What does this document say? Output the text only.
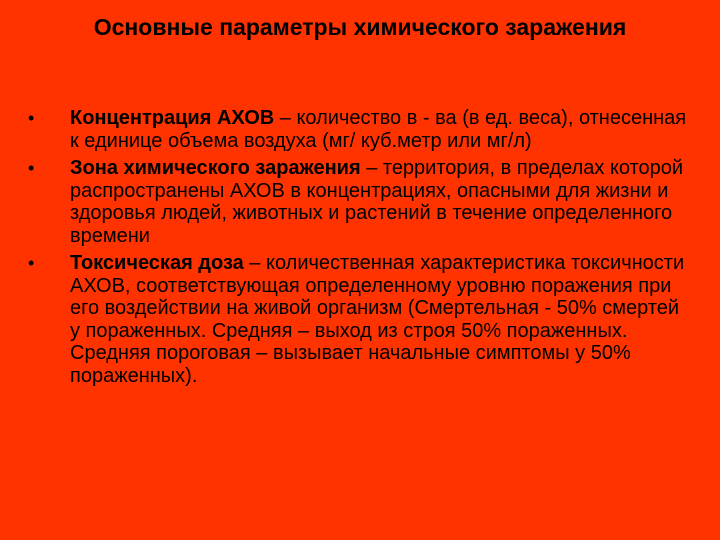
Основные параметры химического заражения
• Концентрация АХОВ – количество в - ва (в ед. веса), отнесенная к единице объема воздуха (мг/ куб.метр или мг/л)
• Зона химического заражения – территория, в пределах которой распространены АХОВ в концентрациях, опасными для жизни и здоровья людей, животных и растений в течение определенного времени
• Токсическая доза – количественная характеристика токсичности АХОВ, соответствующая определенному уровню поражения при его воздействии на живой организм (Смертельная - 50% смертей у пораженных. Средняя – выход из строя 50% пораженных. Средняя пороговая – вызывает начальные симптомы у 50% пораженных).
